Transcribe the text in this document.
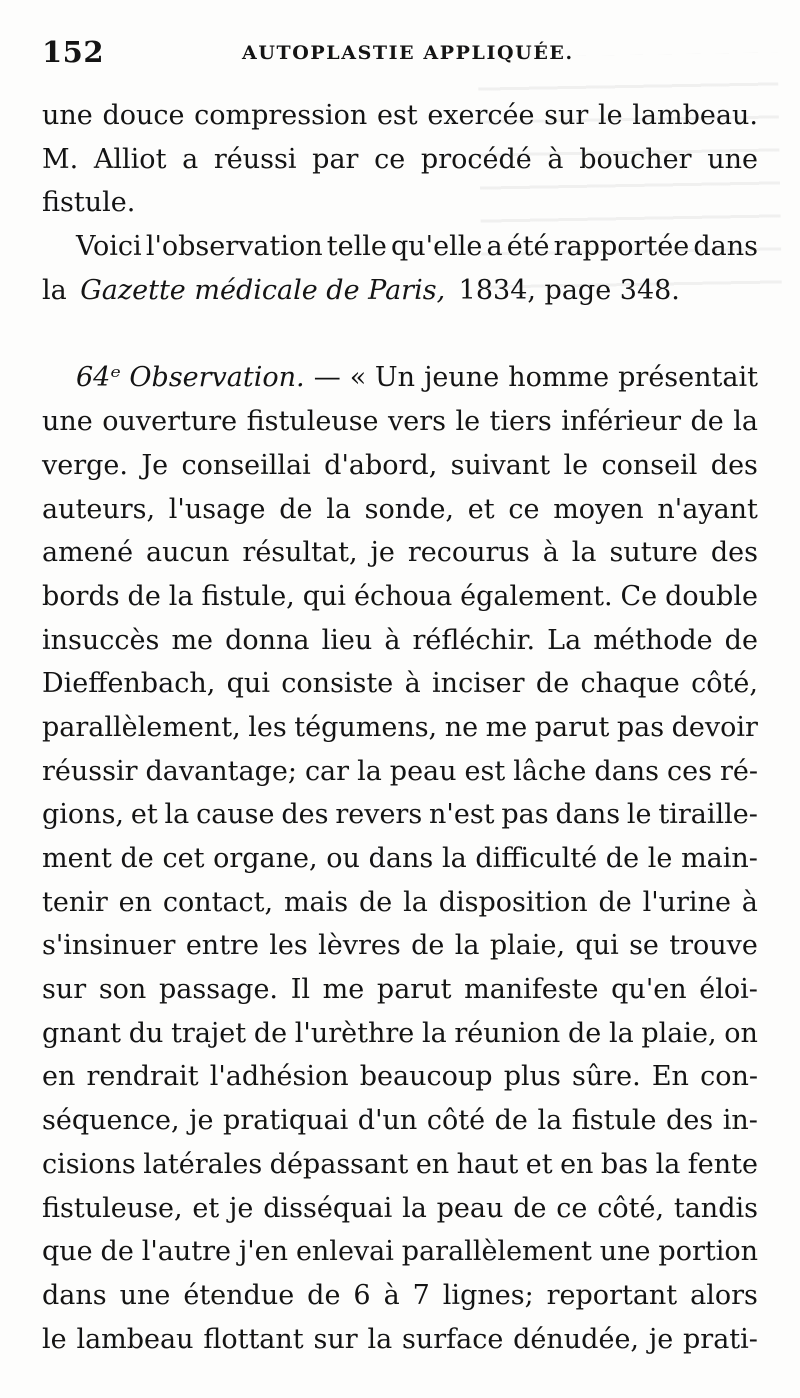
152	AUTOPLASTIE APPLIQUÉE.
une douce compression est exercée sur le lambeau.
M. Alliot a réussi par ce procédé à boucher une
fistule.
Voici l'observation telle qu'elle a été rapportée dans
la Gazette médicale de Paris, 1834, page 348.
64ᵉ Observation. — « Un jeune homme présentait
une ouverture fistuleuse vers le tiers inférieur de la
verge. Je conseillai d'abord, suivant le conseil des
auteurs, l'usage de la sonde, et ce moyen n'ayant
amené aucun résultat, je recourus à la suture des
bords de la fistule, qui échoua également. Ce double
insuccès me donna lieu à réfléchir. La méthode de
Dieffenbach, qui consiste à inciser de chaque côté,
parallèlement, les tégumens, ne me parut pas devoir
réussir davantage; car la peau est lâche dans ces ré-
gions, et la cause des revers n'est pas dans le tiraille-
ment de cet organe, ou dans la difficulté de le main-
tenir en contact, mais de la disposition de l'urine à
s'insinuer entre les lèvres de la plaie, qui se trouve
sur son passage. Il me parut manifeste qu'en éloi-
gnant du trajet de l'urèthre la réunion de la plaie, on
en rendrait l'adhésion beaucoup plus sûre. En con-
séquence, je pratiquai d'un côté de la fistule des in-
cisions latérales dépassant en haut et en bas la fente
fistuleuse, et je disséquai la peau de ce côté, tandis
que de l'autre j'en enlevai parallèlement une portion
dans une étendue de 6 à 7 lignes; reportant alors
le lambeau flottant sur la surface dénudée, je prati-
